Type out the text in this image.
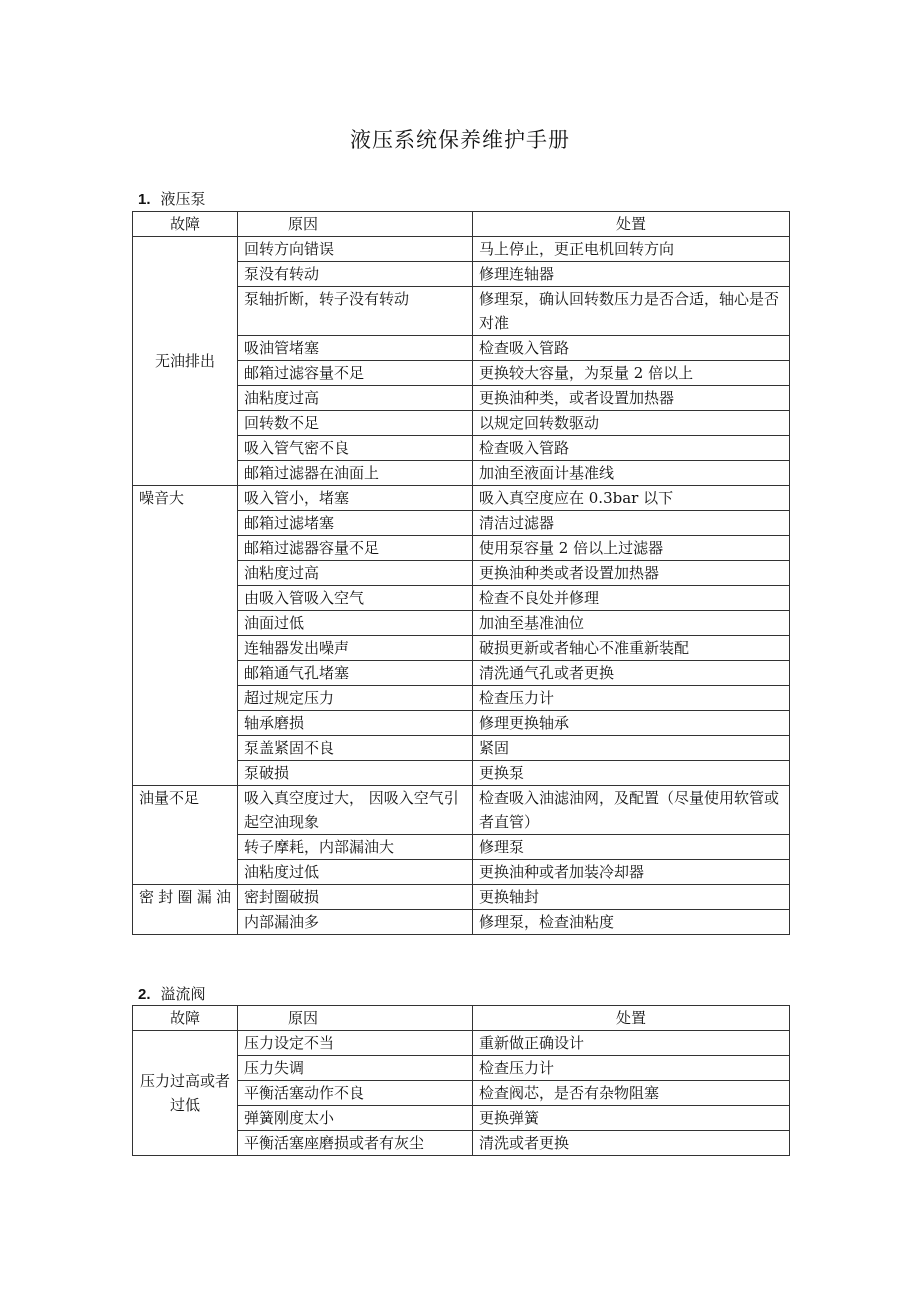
液压系统保养维护手册
1. 液压泵
故障	原因	处置
无油排出	回转方向错误	马上停止，更正电机回转方向
	泵没有转动	修理连轴器
	泵轴折断，转子没有转动	修理泵，确认回转数压力是否合适，轴心是否对准
	吸油管堵塞	检查吸入管路
	邮箱过滤容量不足	更换较大容量，为泵量 2 倍以上
	油粘度过高	更换油种类，或者设置加热器
	回转数不足	以规定回转数驱动
	吸入管气密不良	检查吸入管路
	邮箱过滤器在油面上	加油至液面计基准线
噪音大	吸入管小，堵塞	吸入真空度应在 0.3bar 以下
	邮箱过滤堵塞	清洁过滤器
	邮箱过滤器容量不足	使用泵容量 2 倍以上过滤器
	油粘度过高	更换油种类或者设置加热器
	由吸入管吸入空气	检查不良处并修理
	油面过低	加油至基准油位
	连轴器发出噪声	破损更新或者轴心不准重新装配
	邮箱通气孔堵塞	清洗通气孔或者更换
	超过规定压力	检查压力计
	轴承磨损	修理更换轴承
	泵盖紧固不良	紧固
	泵破损	更换泵
油量不足	吸入真空度过大， 因吸入空气引起空油现象	检查吸入油滤油网，及配置（尽量使用软管或者直管）
	转子摩耗，内部漏油大	修理泵
	油粘度过低	更换油种或者加装冷却器
密封圈漏油	密封圈破损	更换轴封
	内部漏油多	修理泵，检查油粘度
2. 溢流阀
故障	原因	处置
压力过高或者过低	压力设定不当	重新做正确设计
	压力失调	检查压力计
	平衡活塞动作不良	检查阀芯，是否有杂物阻塞
	弹簧刚度太小	更换弹簧
	平衡活塞座磨损或者有灰尘	清洗或者更换
